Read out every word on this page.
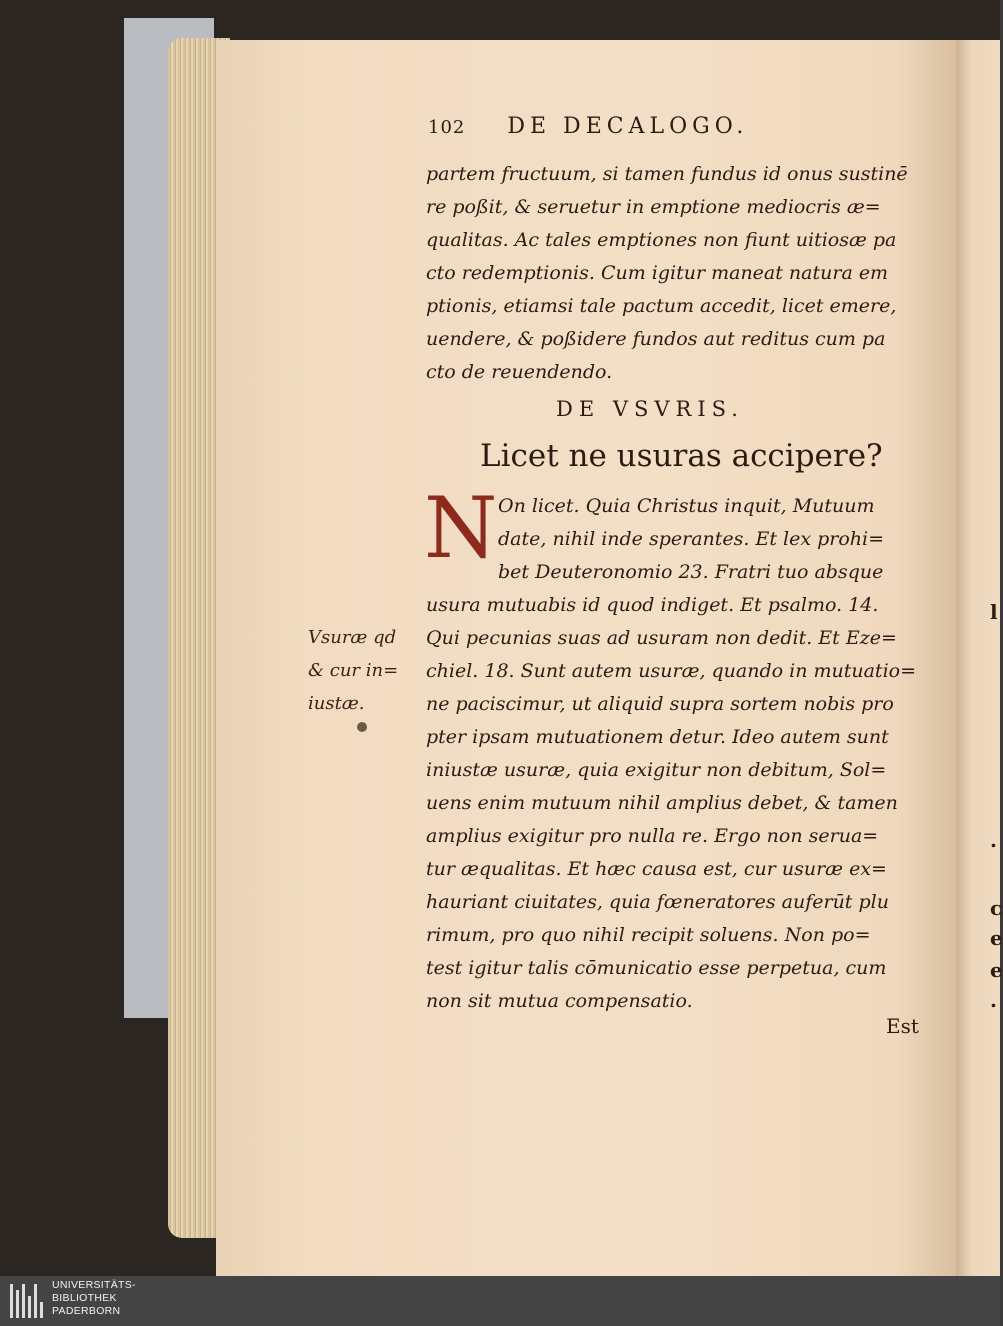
l
.
c
e
e
.
102 DE DECALOGO.
partem fructuum, si tamen fundus id onus sustinē
re poßit, & seruetur in emptione mediocris æ=
qualitas. Ac tales emptiones non fiunt uitiosæ pa
cto redemptionis. Cum igitur maneat natura em
ptionis, etiamsi tale pactum accedit, licet emere,
uendere, & poßidere fundos aut reditus cum pa
cto de reuendendo.
DE VSVRIS.
Licet ne usuras accipere?
N On licet. Quia Christus inquit, Mutuum
date, nihil inde sperantes. Et lex prohi=
bet Deuteronomio 23. Fratri tuo absque
usura mutuabis id quod indiget. Et psalmo. 14.
Qui pecunias suas ad usuram non dedit. Et Eze=
chiel. 18. Sunt autem usuræ, quando in mutuatio=
ne paciscimur, ut aliquid supra sortem nobis pro
pter ipsam mutuationem detur. Ideo autem sunt
iniustæ usuræ, quia exigitur non debitum, Sol=
uens enim mutuum nihil amplius debet, & tamen
amplius exigitur pro nulla re. Ergo non serua=
tur æqualitas. Et hæc causa est, cur usuræ ex=
hauriant ciuitates, quia fœneratores auferūt plu
rimum, pro quo nihil recipit soluens. Non po=
test igitur talis cōmunicatio esse perpetua, cum
non sit mutua compensatio.
Vsuræ qd
& cur in=
iustæ.
Est
UNIVERSITÄTS-
BIBLIOTHEK
PADERBORN
